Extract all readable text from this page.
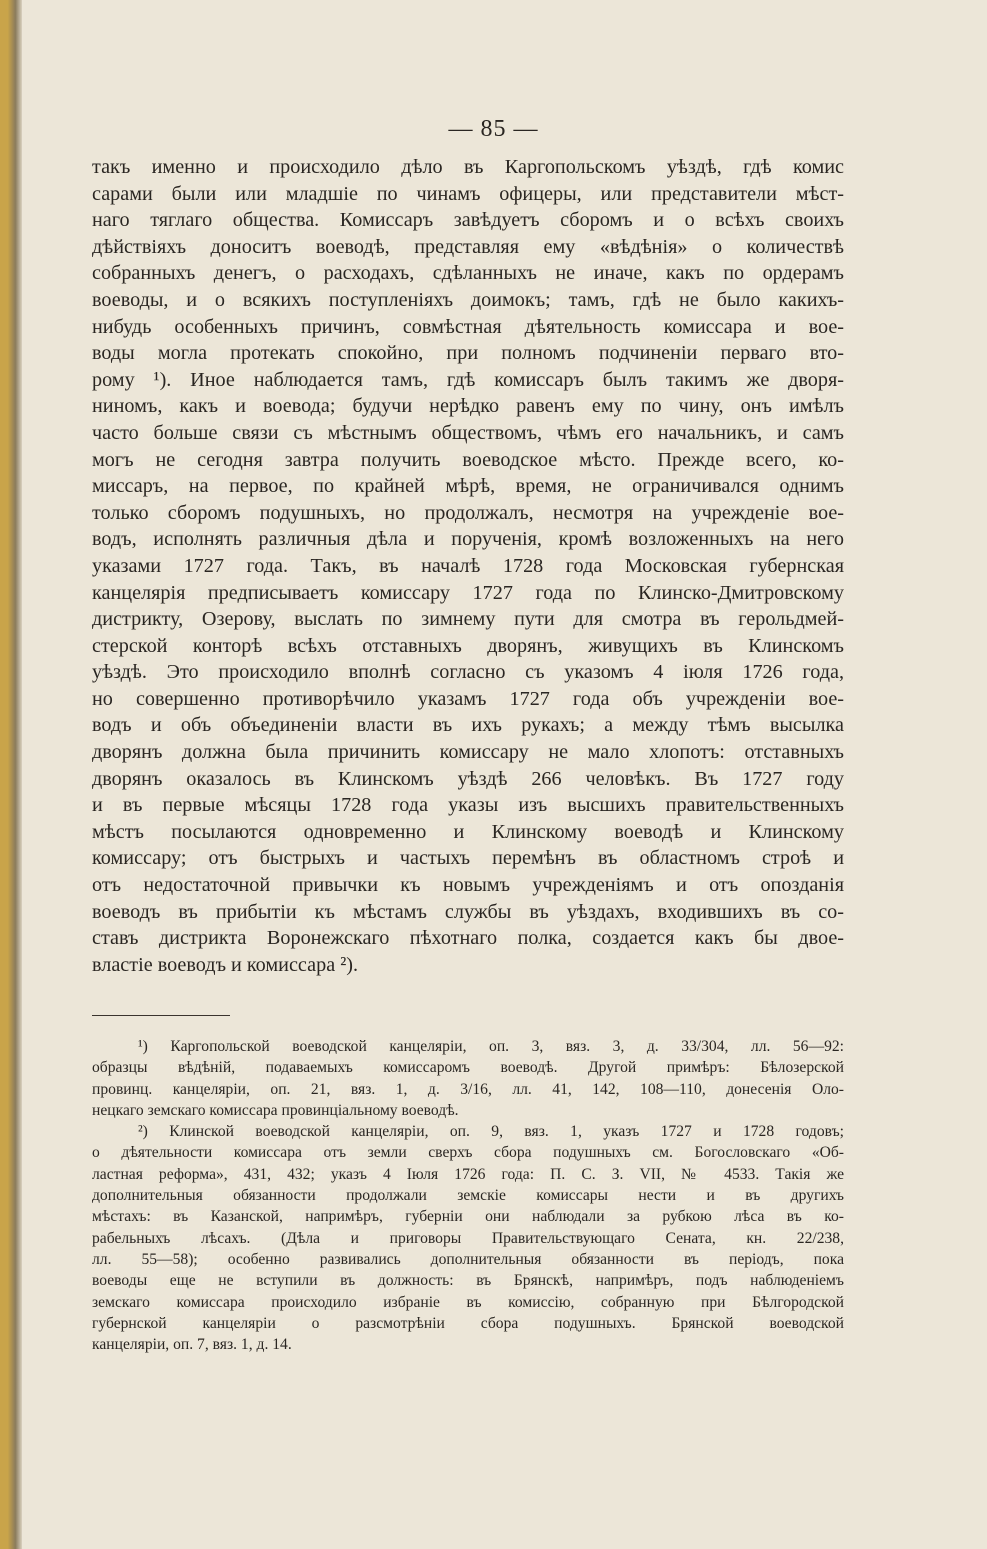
— 85 —
такъ именно и происходило дѣло въ Каргопольскомъ уѣздѣ, гдѣ комис
сарами были или младшіе по чинамъ офицеры, или представители мѣст-
наго тяглаго общества. Комиссаръ завѣдуетъ сборомъ и о всѣхъ своихъ
дѣйствіяхъ доноситъ воеводѣ, представляя ему «вѣдѣнія» о количествѣ
собранныхъ денегъ, о расходахъ, сдѣланныхъ не иначе, какъ по ордерамъ
воеводы, и о всякихъ поступленіяхъ доимокъ; тамъ, гдѣ не было какихъ-
нибудь особенныхъ причинъ, совмѣстная дѣятельность комиссара и вое-
воды могла протекать спокойно, при полномъ подчиненіи перваго вто-
рому ¹). Иное наблюдается тамъ, гдѣ комиссаръ былъ такимъ же дворя-
ниномъ, какъ и воевода; будучи нерѣдко равенъ ему по чину, онъ имѣлъ
часто больше связи съ мѣстнымъ обществомъ, чѣмъ его начальникъ, и самъ
могъ не сегодня завтра получить воеводское мѣсто. Прежде всего, ко-
миссаръ, на первое, по крайней мѣрѣ, время, не ограничивался однимъ
только сборомъ подушныхъ, но продолжалъ, несмотря на учрежденіе вое-
водъ, исполнять различныя дѣла и порученія, кромѣ возложенныхъ на него
указами 1727 года. Такъ, въ началѣ 1728 года Московская губернская
канцелярія предписываетъ комиссару 1727 года по Клинско-Дмитровскому
дистрикту, Озерову, выслать по зимнему пути для смотра въ герольдмей-
стерской конторѣ всѣхъ отставныхъ дворянъ, живущихъ въ Клинскомъ
уѣздѣ. Это происходило вполнѣ согласно съ указомъ 4 іюля 1726 года,
но совершенно противорѣчило указамъ 1727 года объ учрежденіи вое-
водъ и объ объединеніи власти въ ихъ рукахъ; а между тѣмъ высылка
дворянъ должна была причинить комиссару не мало хлопотъ: отставныхъ
дворянъ оказалось въ Клинскомъ уѣздѣ 266 человѣкъ. Въ 1727 году
и въ первые мѣсяцы 1728 года указы изъ высшихъ правительственныхъ
мѣстъ посылаются одновременно и Клинскому воеводѣ и Клинскому
комиссару; отъ быстрыхъ и частыхъ перемѣнъ въ областномъ строѣ и
отъ недостаточной привычки къ новымъ учрежденіямъ и отъ опозданія
воеводъ въ прибытіи къ мѣстамъ службы въ уѣздахъ, входившихъ въ со-
ставъ дистрикта Воронежскаго пѣхотнаго полка, создается какъ бы двое-
властіе воеводъ и комиссара ²).
¹) Каргопольской воеводской канцеляріи, оп. 3, вяз. 3, д. 33/304, лл. 56—92:
образцы вѣдѣній, подаваемыхъ комиссаромъ воеводѣ. Другой примѣръ: Бѣлозерской
провинц. канцеляріи, оп. 21, вяз. 1, д. 3/16, лл. 41, 142, 108—110, донесенія Оло-
нецкаго земскаго комиссара провинціальному воеводѣ.
²) Клинской воеводской канцеляріи, оп. 9, вяз. 1, указъ 1727 и 1728 годовъ;
о дѣятельности комиссара отъ земли сверхъ сбора подушныхъ см. Богословскаго «Об-
ластная реформа», 431, 432; указъ 4 Іюля 1726 года: П. С. З. VII, № 4533. Такія же
дополнительныя обязанности продолжали земскіе комиссары нести и въ другихъ
мѣстахъ: въ Казанской, напримѣръ, губерніи они наблюдали за рубкою лѣса въ ко-
рабельныхъ лѣсахъ. (Дѣла и приговоры Правительствующаго Сената, кн. 22/238,
лл. 55—58); особенно развивались дополнительныя обязанности въ періодъ, пока
воеводы еще не вступили въ должность: въ Брянскѣ, напримѣръ, подъ наблюденіемъ
земскаго комиссара происходило избраніе въ комиссію, собранную при Бѣлгородской
губернской канцеляріи о разсмотрѣніи сбора подушныхъ. Брянской воеводской
канцеляріи, оп. 7, вяз. 1, д. 14.
